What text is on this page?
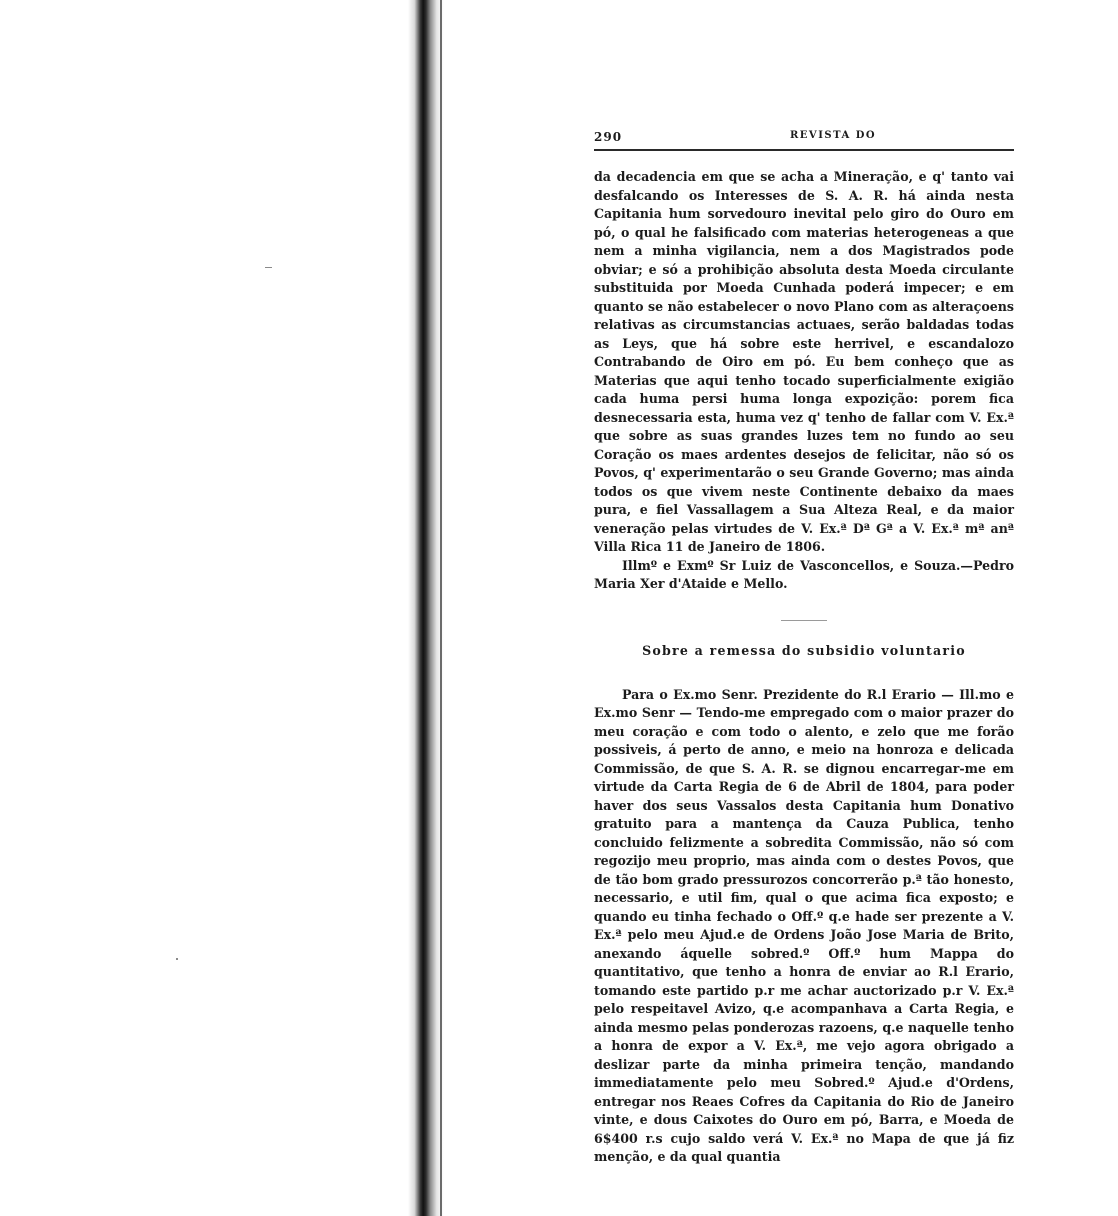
290	REVISTA DO

da decadencia em que se acha a Mineração, e q' tanto vai desfalcando os Interesses de S. A. R. há ainda nesta Capitania hum sorvedouro inevital pelo giro do Ouro em pó, o qual he falsificado com materias heterogeneas a que nem a minha vigilancia, nem a dos Magistrados pode obviar; e só a prohibição absoluta desta Moeda circulante substituida por Moeda Cunhada poderá impecer; e em quanto se não estabelecer o novo Plano com as alteraçoens relativas as circumstancias actuaes, serão baldadas todas as Leys, que há sobre este herrivel, e escandalozo Contrabando de Oiro em pó. Eu bem conheço que as Materias que aqui tenho tocado superficialmente exigião cada huma persi huma longa expozição: porem fica desnecessaria esta, huma vez q' tenho de fallar com V. Ex.ª que sobre as suas grandes luzes tem no fundo ao seu Coração os maes ardentes desejos de felicitar, não só os Povos, q' experimentarão o seu Grande Governo; mas ainda todos os que vivem neste Continente debaixo da maes pura, e fiel Vassallagem a Sua Alteza Real, e da maior veneração pelas virtudes de V. Ex.ª Dª Gª a V. Ex.ª mª anª Villa Rica 11 de Janeiro de 1806.

Illmº e Exmº Sr Luiz de Vasconcellos, e Souza.—Pedro Maria Xer d'Ataide e Mello.

Sobre a remessa do subsidio voluntario

Para o Ex.mo Senr. Prezidente do R.l Erario — Ill.mo e Ex.mo Senr — Tendo-me empregado com o maior prazer do meu coração e com todo o alento, e zelo que me forão possiveis, á perto de anno, e meio na honroza e delicada Commissão, de que S. A. R. se dignou encarregar-me em virtude da Carta Regia de 6 de Abril de 1804, para poder haver dos seus Vassalos desta Capitania hum Donativo gratuito para a mantença da Cauza Publica, tenho concluido felizmente a sobredita Commissão, não só com regozijo meu proprio, mas ainda com o destes Povos, que de tão bom grado pressurozos concorrerão p.ª tão honesto, necessario, e util fim, qual o que acima fica exposto; e quando eu tinha fechado o Off.º q.e hade ser prezente a V. Ex.ª pelo meu Ajud.e de Ordens João Jose Maria de Brito, anexando áquelle sobred.º Off.º hum Mappa do quantitativo, que tenho a honra de enviar ao R.l Erario, tomando este partido p.r me achar auctorizado p.r V. Ex.ª pelo respeitavel Avizo, q.e acompanhava a Carta Regia, e ainda mesmo pelas ponderozas razoens, q.e naquelle tenho a honra de expor a V. Ex.ª, me vejo agora obrigado a deslizar parte da minha primeira tenção, mandando immediatamente pelo meu Sobred.º Ajud.e d'Ordens, entregar nos Reaes Cofres da Capitania do Rio de Janeiro vinte, e dous Caixotes do Ouro em pó, Barra, e Moeda de 6$400 r.s cujo saldo verá V. Ex.ª no Mapa de que já fiz menção, e da qual quantia
